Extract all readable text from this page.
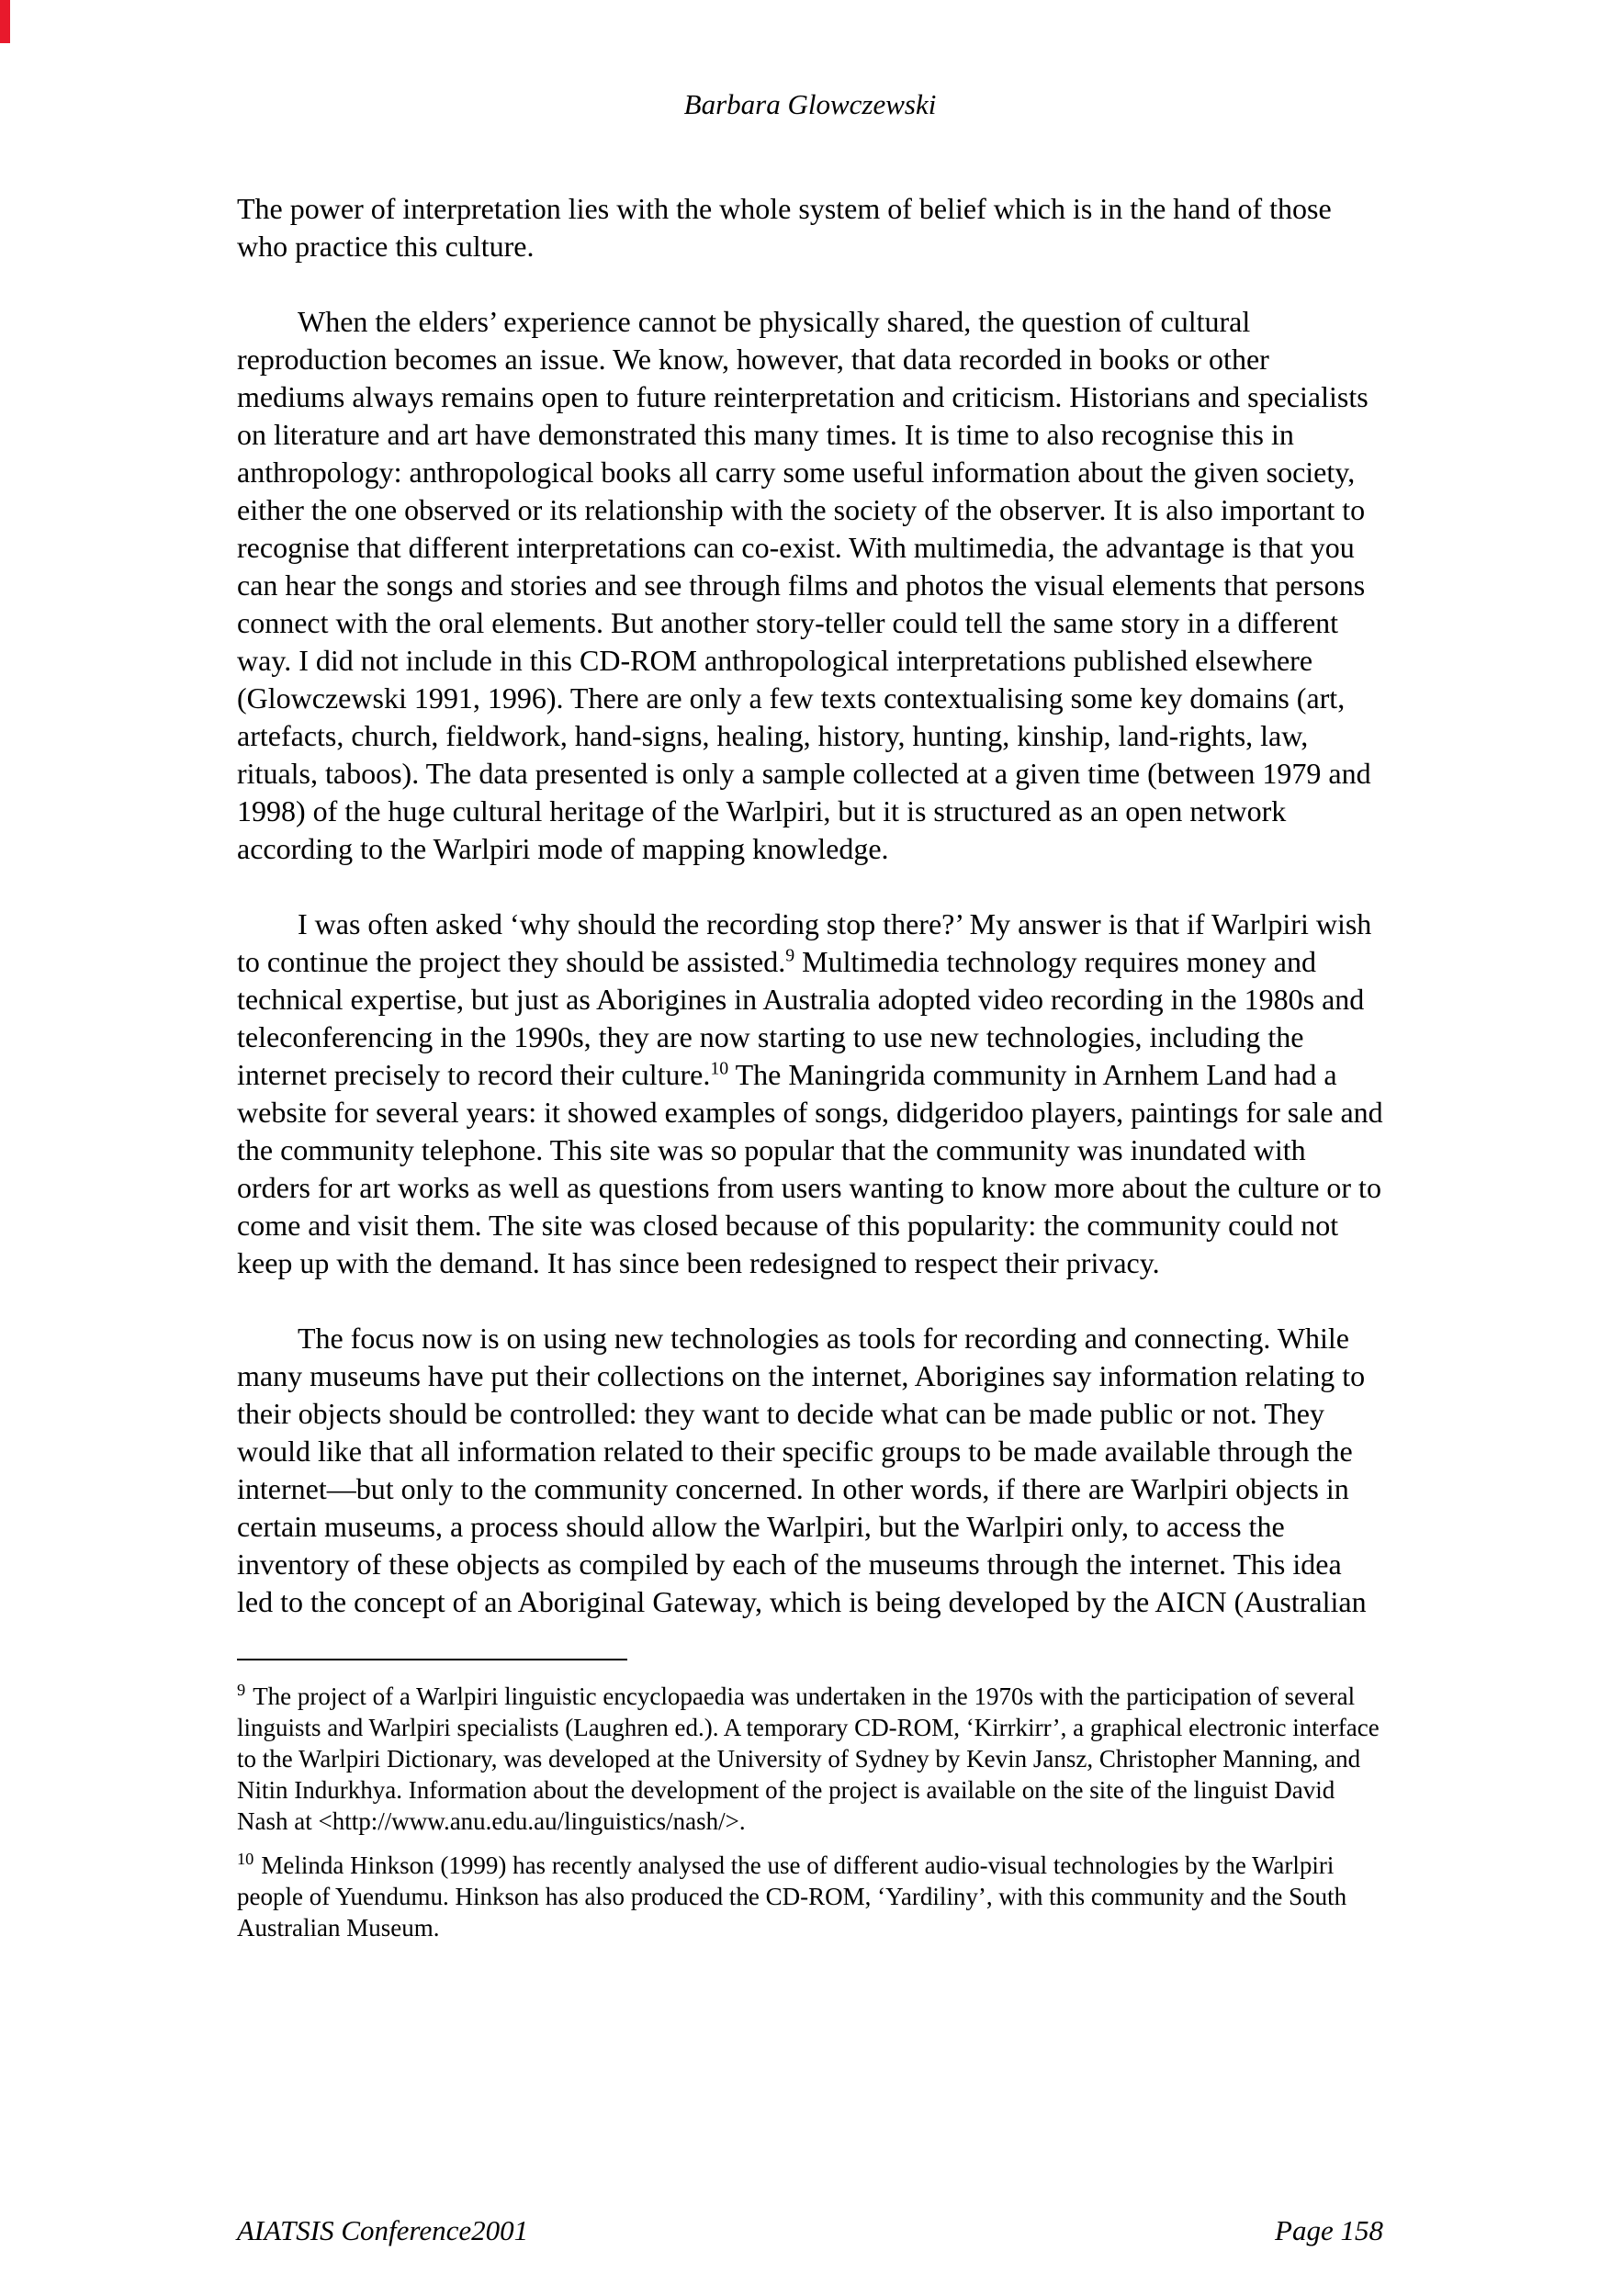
Barbara Glowczewski

The power of interpretation lies with the whole system of belief which is in the hand of those who practice this culture.

When the elders’ experience cannot be physically shared, the question of cultural reproduction becomes an issue. We know, however, that data recorded in books or other mediums always remains open to future reinterpretation and criticism. Historians and specialists on literature and art have demonstrated this many times. It is time to also recognise this in anthropology: anthropological books all carry some useful information about the given society, either the one observed or its relationship with the society of the observer. It is also important to recognise that different interpretations can co-exist. With multimedia, the advantage is that you can hear the songs and stories and see through films and photos the visual elements that persons connect with the oral elements. But another story-teller could tell the same story in a different way. I did not include in this CD-ROM anthropological interpretations published elsewhere (Glowczewski 1991, 1996). There are only a few texts contextualising some key domains (art, artefacts, church, fieldwork, hand-signs, healing, history, hunting, kinship, land-rights, law, rituals, taboos). The data presented is only a sample collected at a given time (between 1979 and 1998) of the huge cultural heritage of the Warlpiri, but it is structured as an open network according to the Warlpiri mode of mapping knowledge.

I was often asked ‘why should the recording stop there?’ My answer is that if Warlpiri wish to continue the project they should be assisted.$^9$ Multimedia technology requires money and technical expertise, but just as Aborigines in Australia adopted video recording in the 1980s and teleconferencing in the 1990s, they are now starting to use new technologies, including the internet precisely to record their culture.$^{10}$ The Maningrida community in Arnhem Land had a website for several years: it showed examples of songs, didgeridoo players, paintings for sale and the community telephone. This site was so popular that the community was inundated with orders for art works as well as questions from users wanting to know more about the culture or to come and visit them. The site was closed because of this popularity: the community could not keep up with the demand. It has since been redesigned to respect their privacy.

The focus now is on using new technologies as tools for recording and connecting. While many museums have put their collections on the internet, Aborigines say information relating to their objects should be controlled: they want to decide what can be made public or not. They would like that all information related to their specific groups to be made available through the internet—but only to the community concerned. In other words, if there are Warlpiri objects in certain museums, a process should allow the Warlpiri, but the Warlpiri only, to access the inventory of these objects as compiled by each of the museums through the internet. This idea led to the concept of an Aboriginal Gateway, which is being developed by the AICN (Australian

$^9$ The project of a Warlpiri linguistic encyclopaedia was undertaken in the 1970s with the participation of several linguists and Warlpiri specialists (Laughren ed.). A temporary CD-ROM, ‘Kirrkirr’, a graphical electronic interface to the Warlpiri Dictionary, was developed at the University of Sydney by Kevin Jansz, Christopher Manning, and Nitin Indurkhya. Information about the development of the project is available on the site of the linguist David Nash at <http://www.anu.edu.au/linguistics/nash/>.

$^{10}$ Melinda Hinkson (1999) has recently analysed the use of different audio-visual technologies by the Warlpiri people of Yuendumu. Hinkson has also produced the CD-ROM, ‘Yardiliny’, with this community and the South Australian Museum.

AIATSIS Conference2001	Page 158
